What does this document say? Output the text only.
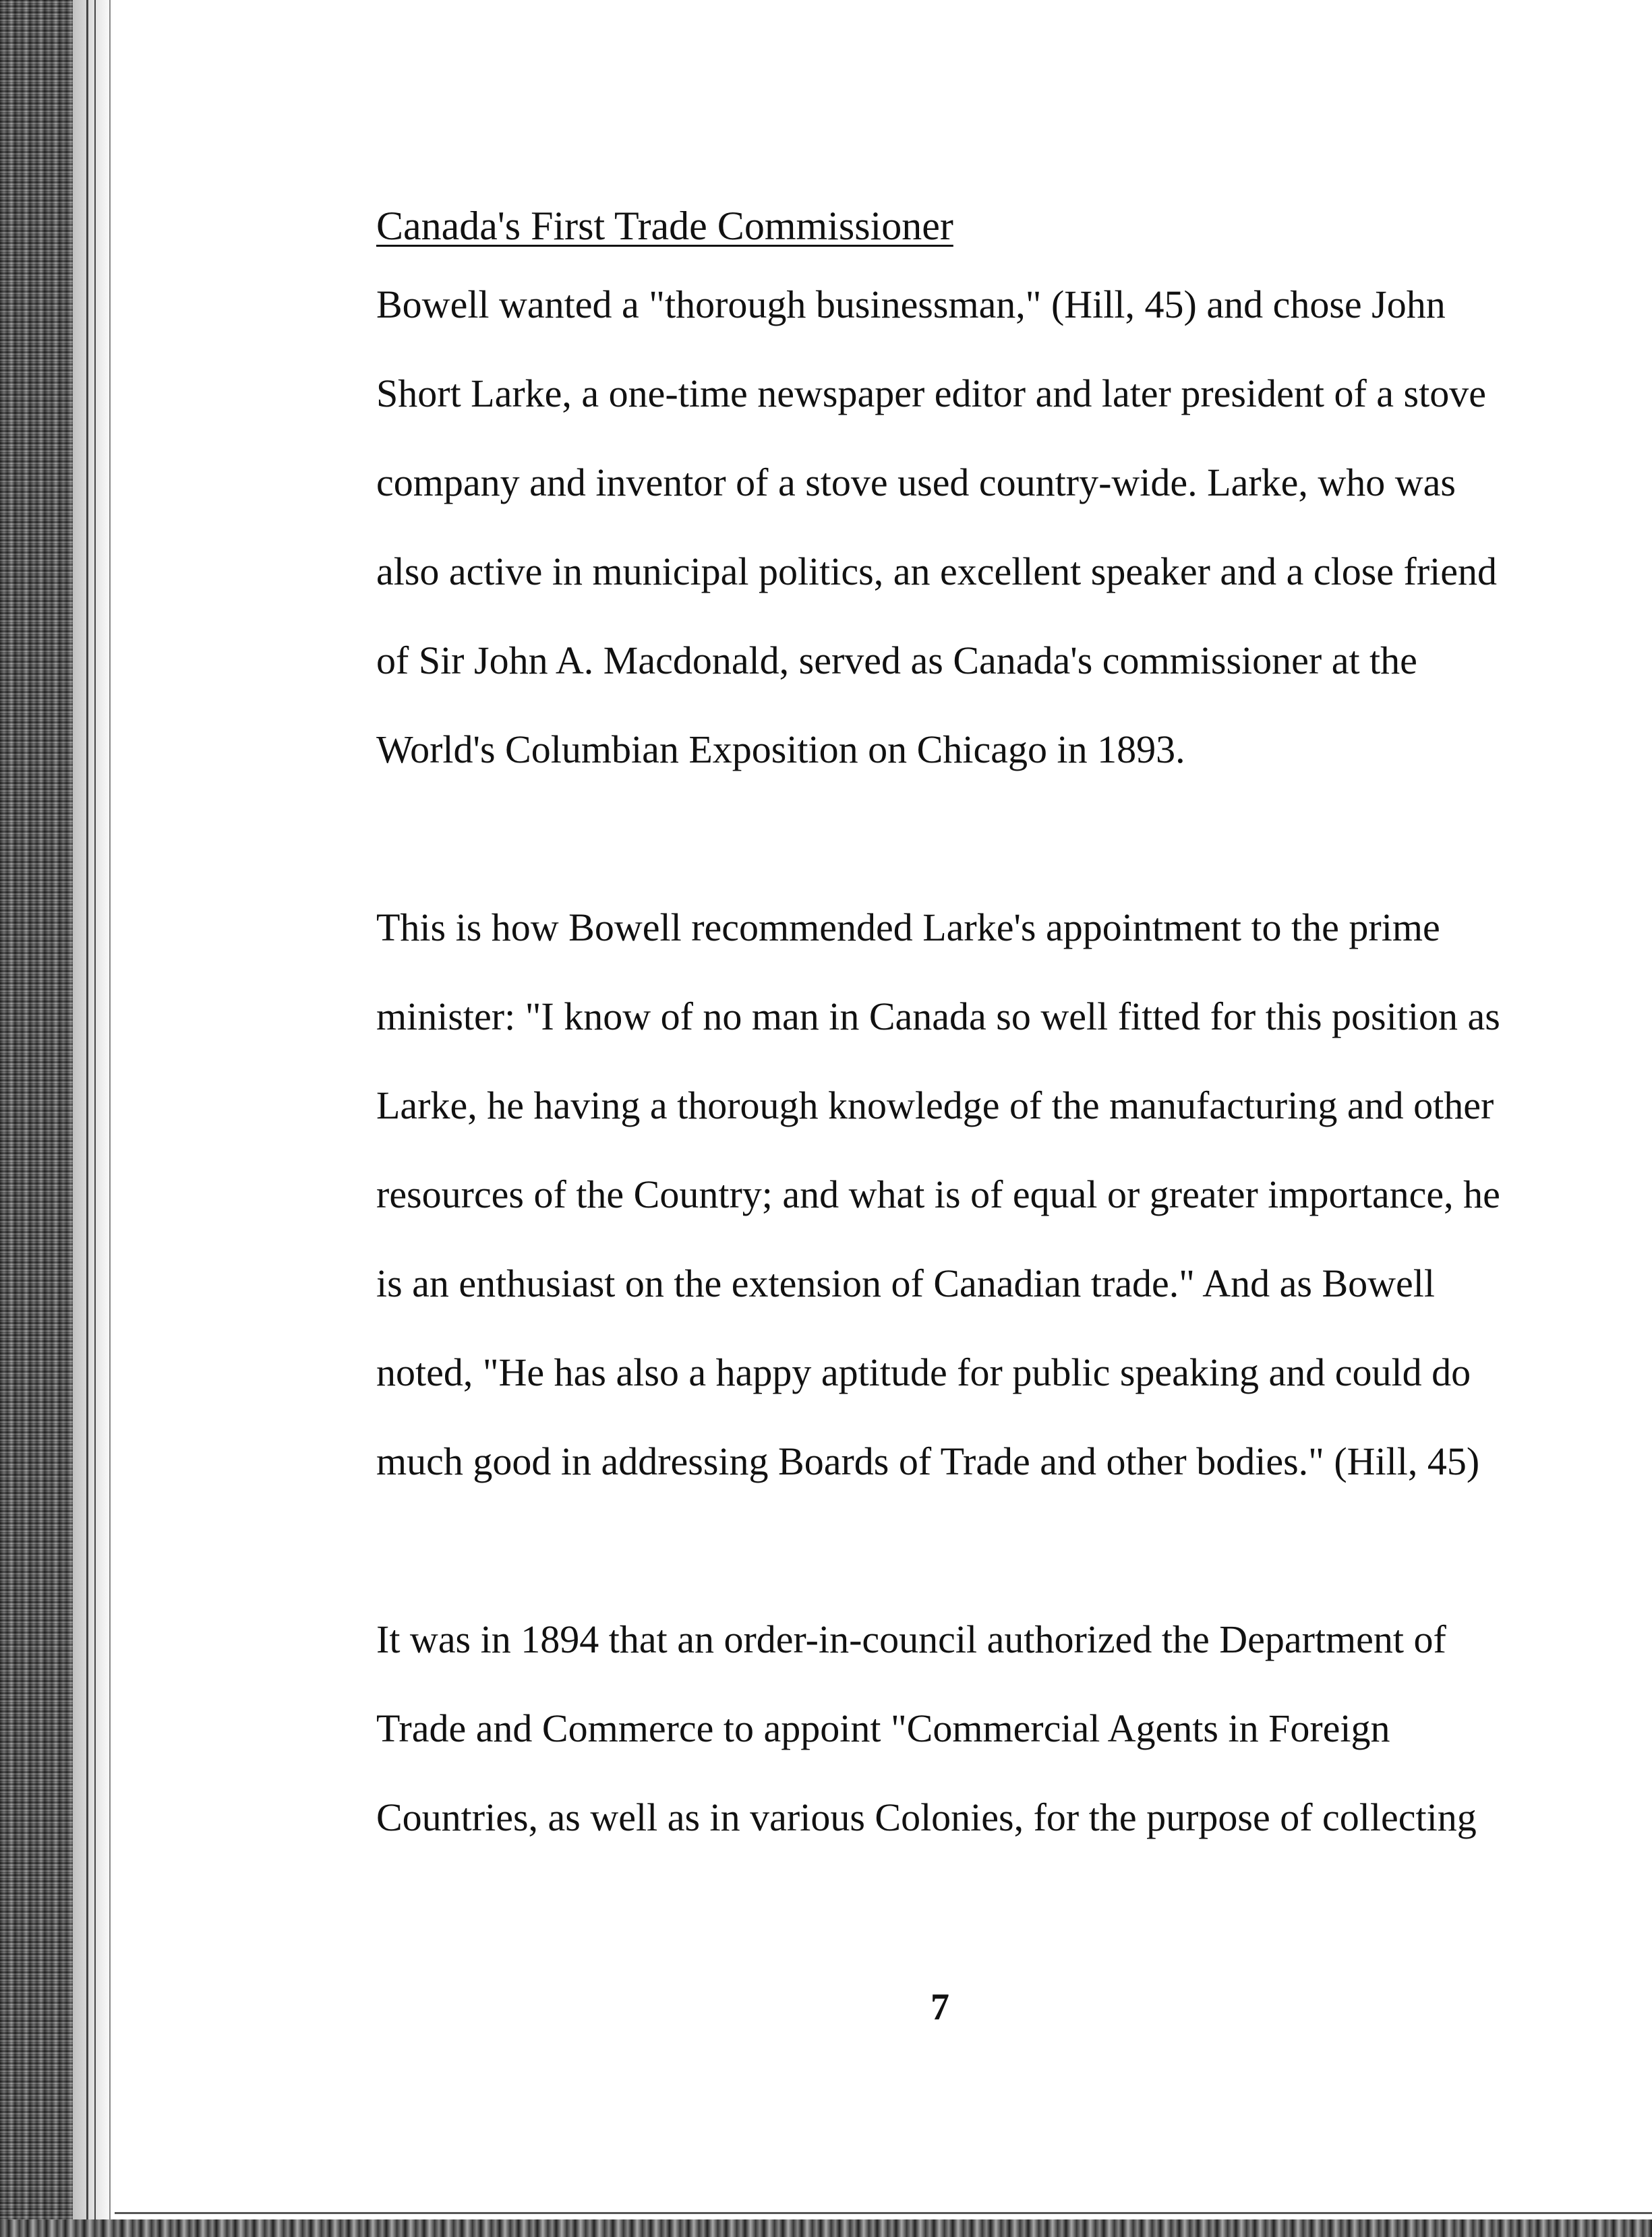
Canada's First Trade Commissioner
Bowell wanted a "thorough businessman," (Hill, 45) and chose John
Short Larke, a one-time newspaper editor and later president of a stove
company and inventor of a stove used country-wide. Larke, who was
also active in municipal politics, an excellent speaker and a close friend
of Sir John A. Macdonald, served as Canada's commissioner at the
World's Columbian Exposition on Chicago in 1893.
This is how Bowell recommended Larke's appointment to the prime
minister: "I know of no man in Canada so well fitted for this position as
Larke, he having a thorough knowledge of the manufacturing and other
resources of the Country; and what is of equal or greater importance, he
is an enthusiast on the extension of Canadian trade." And as Bowell
noted, "He has also a happy aptitude for public speaking and could do
much good in addressing Boards of Trade and other bodies." (Hill, 45)
It was in 1894 that an order-in-council authorized the Department of
Trade and Commerce to appoint "Commercial Agents in Foreign
Countries, as well as in various Colonies, for the purpose of collecting
7
